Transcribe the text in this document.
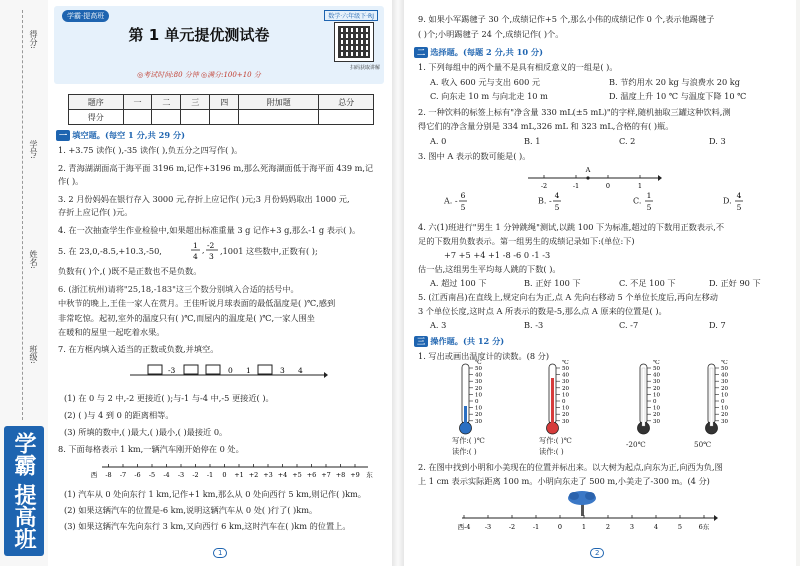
得分:
学号:
姓名:
班级:
学霸 提高班
学霸·提高班	数学·六年级下·RJ
第 1 单元提优测试卷
扫码获取讲解
◎考试时间:80 分钟 ◎满分:100+10 分
题序	一	二	三	四	附加题	总分
得分						
一 填空题。(每空 1 分,共 29 分)
1. +3.75 读作( ),-35 读作( ),负五分之四写作( )。
2. 青海湖湖面高于海平面 3196 m,记作+3196 m,那么死海湖面低于海平面 439 m,记
作( )。
3. 2 月份妈妈在银行存入 3000 元,存折上应记作( )元;3 月份妈妈取出 1000 元,
存折上应记作( )元。
4. 在一次抽查学生作业检验中,如果超出标准重量 3 g 记作+3 g,那么-1 g 表示( )。
5. 在 23,0,-8.5,+10.3,-50,
1
4
,
-2
3
,1001 这些数中,正数有( );
负数有( )个,( )既不是正数也不是负数。
6. (浙江杭州)请将"25,18,-183"这三个数分别填入合适的括号中。
中秋节的晚上,王佳一家人在赏月。王佳听说月球表面的最低温度是( )℃,感到
非常吃惊。起初,室外的温度只有( )℃,而屋内的温度是( )℃,一家人围坐
在暖和的屋里一起吃着水果。
7. 在方框内填入适当的正数或负数,并填空。
-3	0 1	3 4
(1) 在 0 与 2 中,-2 更接近( );与-1 与-4 中,-5 更接近( )。
(2) ( )与 4 到 0 的距离相等。
(3) 所填的数中,( )最大,( )最小,( )最接近 0。
8. 下面每格表示 1 km,一辆汽车刚开始停在 0 处。
西 -8 -7 -6 -5 -4 -3 -2 -1 0 +1 +2 +3 +4 +5 +6 +7 +8 +9 东
(1) 汽车从 0 处向东行 1 km,记作+1 km,那么从 0 处向西行 5 km,则记作( )km。
(2) 如果这辆汽车的位置是-6 km,说明这辆汽车从 0 处( )行了( )km。
(3) 如果这辆汽车先向东行 3 km,又向西行 6 km,这时汽车在( )km 的位置上。
1
9. 如果小军踢毽子 30 个,成绩记作+5 个,那么小伟的成绩记作 0 个,表示他踢毽子
( )个;小明踢毽子 24 个,成绩记作( )个。
二 选择题。(每题 2 分,共 10 分)
1. 下列每组中的两个量不是具有相反意义的一组是( )。
A. 收入 600 元与支出 600 元	B. 节约用水 20 kg 与浪费水 20 kg
C. 向东走 10 m 与向北走 10 m	D. 温度上升 10 ℃ 与温度下降 10 ℃
2. 一种饮料的标签上标有"净含量 330 mL(±5 mL)"的字样,随机抽取三罐这种饮料,测
得它们的净含量分别是 334 mL,326 mL 和 323 mL,合格的有( )瓶。
A. 0	B. 1	C. 2	D. 3
3. 图中 A 表示的数可能是( )。
-2	-1
A
0	1
A. -
6
5
B. -
4
5
C.
1
5
D.
4
5
4. 六(1)班进行"男生 1 分钟跳绳"测试,以跳 100 下为标准,超过的下数用正数表示,不
足的下数用负数表示。第一组男生的成绩记录如下:(单位:下)
+7 +5 +4 +1 -8 -6 0 -1 -3
估一估,这组男生平均每人跳的下数( )。
A. 超过 100 下	B. 正好 100 下	C. 不足 100 下	D. 正好 90 下
5. (江西南昌)在直线上,规定向右为正,点 A 先向右移动 5 个单位长度后,再向左移动
3 个单位长度,这时点 A 所表示的数是-5,那么点 A 原来的位置是( )。
A. 3	B. -3	C. -7	D. 7
三 操作题。(共 12 分)
1. 写出或画出温度计的读数。(8 分)
50
40
30
20
10
0
10
20
30
℃
50
40
30
20
10
0
10
20
30
℃
50
40
30
20
10
0
10
20
30
℃
50
40
30
20
10
0
10
20
30
℃
写作:( )℃
读作:( )
写作:( )℃
读作:( )
-20℃	50℃
2. 在图中找到小明和小美现在的位置并标出来。以大树为起点,向东为正,向西为负,图
上 1 cm 表示实际距离 100 m。小明向东走了 500 m,小美走了-300 m。(4 分)
西-4 -3	-2	-1	0	1	2	3	4	5	6东
2
